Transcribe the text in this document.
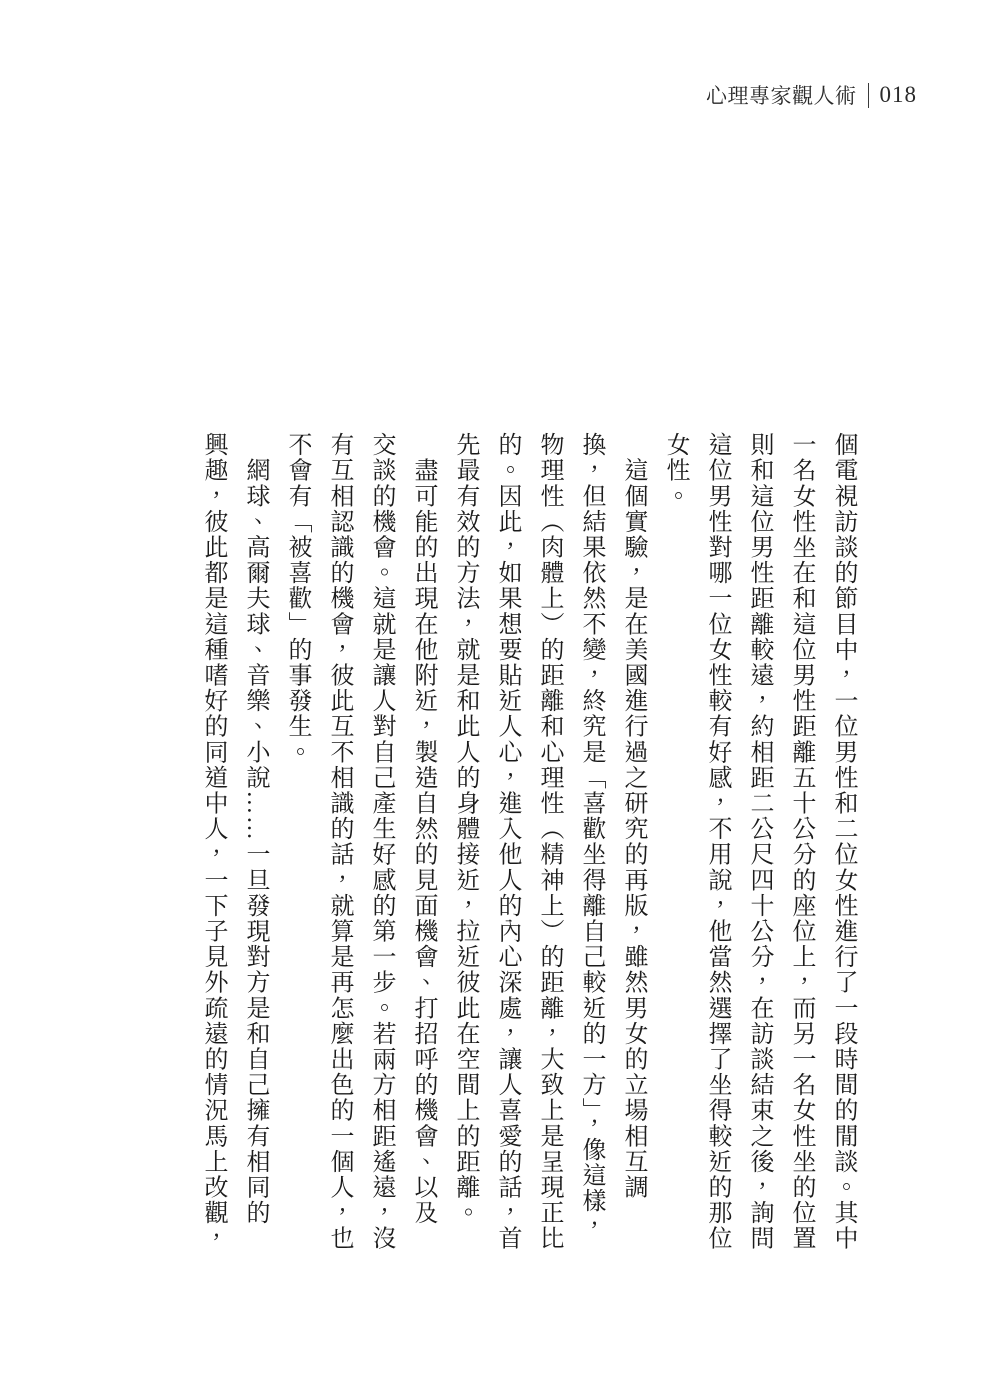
心理專家觀人術 018
個電視訪談的節目中，一位男性和二位女性進行了一段時間的閒談。其中
一名女性坐在和這位男性距離五十公分的座位上，而另一名女性坐的位置
則和這位男性距離較遠，約相距二公尺四十公分，在訪談結束之後，詢問
這位男性對哪一位女性較有好感，不用說，他當然選擇了坐得較近的那位
女性。
　這個實驗，是在美國進行過之研究的再版，雖然男女的立場相互調
換，但結果依然不變，終究是「喜歡坐得離自己較近的一方」，像這樣，
物理性（肉體上）的距離和心理性（精神上）的距離，大致上是呈現正比
的。因此，如果想要貼近人心，進入他人的內心深處，讓人喜愛的話，首
先最有效的方法，就是和此人的身體接近，拉近彼此在空間上的距離。
　盡可能的出現在他附近，製造自然的見面機會、打招呼的機會、以及
交談的機會。這就是讓人對自己產生好感的第一步。若兩方相距遙遠，沒
有互相認識的機會，彼此互不相識的話，就算是再怎麼出色的一個人，也
不會有「被喜歡」的事發生。
　網球、高爾夫球、音樂、小說……一旦發現對方是和自己擁有相同的
興趣，彼此都是這種嗜好的同道中人，一下子見外疏遠的情況馬上改觀，
